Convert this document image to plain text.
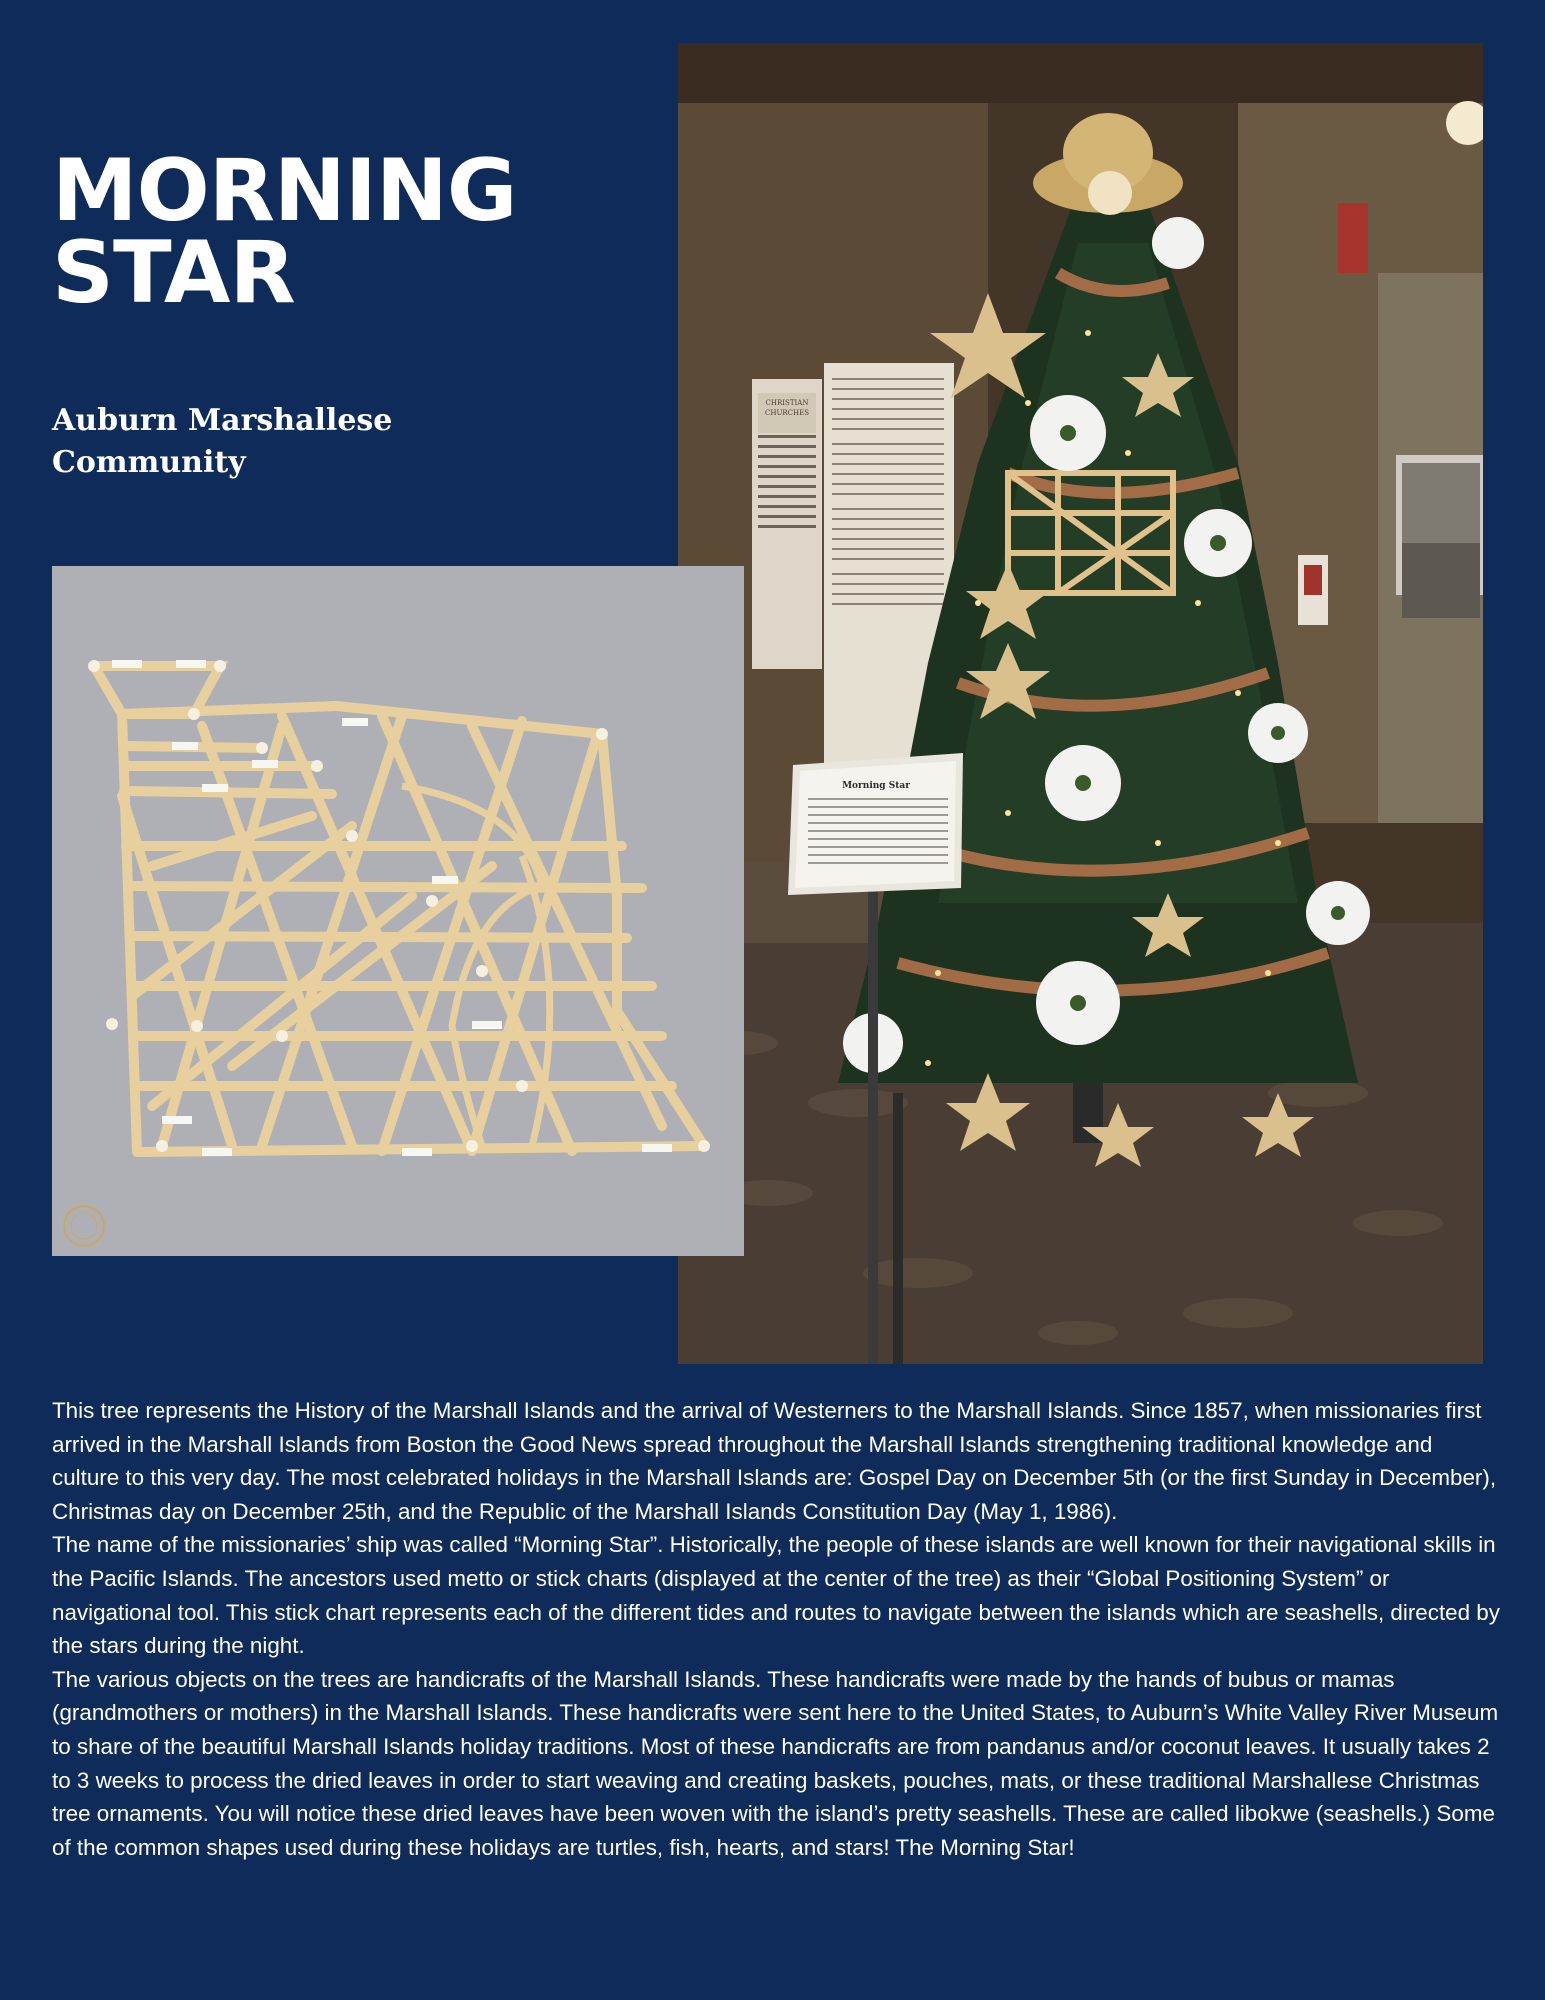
MORNING
STAR
Auburn Marshallese
Community
CHRISTIAN
CHURCHES
Morning Star

This tree represents the History of the Marshall Islands and the arrival of Westerners to the Marshall Islands. Since 1857, when missionaries first arrived in the Marshall Islands from Boston the Good News spread throughout the Marshall Islands strengthening traditional knowledge and culture to this very day. The most celebrated holidays in the Marshall Islands are: Gospel Day on December 5th (or the first Sunday in December), Christmas day on December 25th, and the Republic of the Marshall Islands Constitution Day (May 1, 1986).

The name of the missionaries’ ship was called “Morning Star”. Historically, the people of these islands are well known for their navigational skills in the Pacific Islands. The ancestors used metto or stick charts (displayed at the center of the tree) as their “Global Positioning System” or navigational tool. This stick chart represents each of the different tides and routes to navigate between the islands which are seashells, directed by the stars during the night.

The various objects on the trees are handicrafts of the Marshall Islands. These handicrafts were made by the hands of bubus or mamas (grandmothers or mothers) in the Marshall Islands. These handicrafts were sent here to the United States, to Auburn’s White Valley River Museum to share of the beautiful Marshall Islands holiday traditions. Most of these handicrafts are from pandanus and/or coconut leaves. It usually takes 2 to 3 weeks to process the dried leaves in order to start weaving and creating baskets, pouches, mats, or these traditional Marshallese Christmas tree ornaments. You will notice these dried leaves have been woven with the island’s pretty seashells. These are called libokwe (seashells.) Some of the common shapes used during these holidays are turtles, fish, hearts, and stars! The Morning Star!
